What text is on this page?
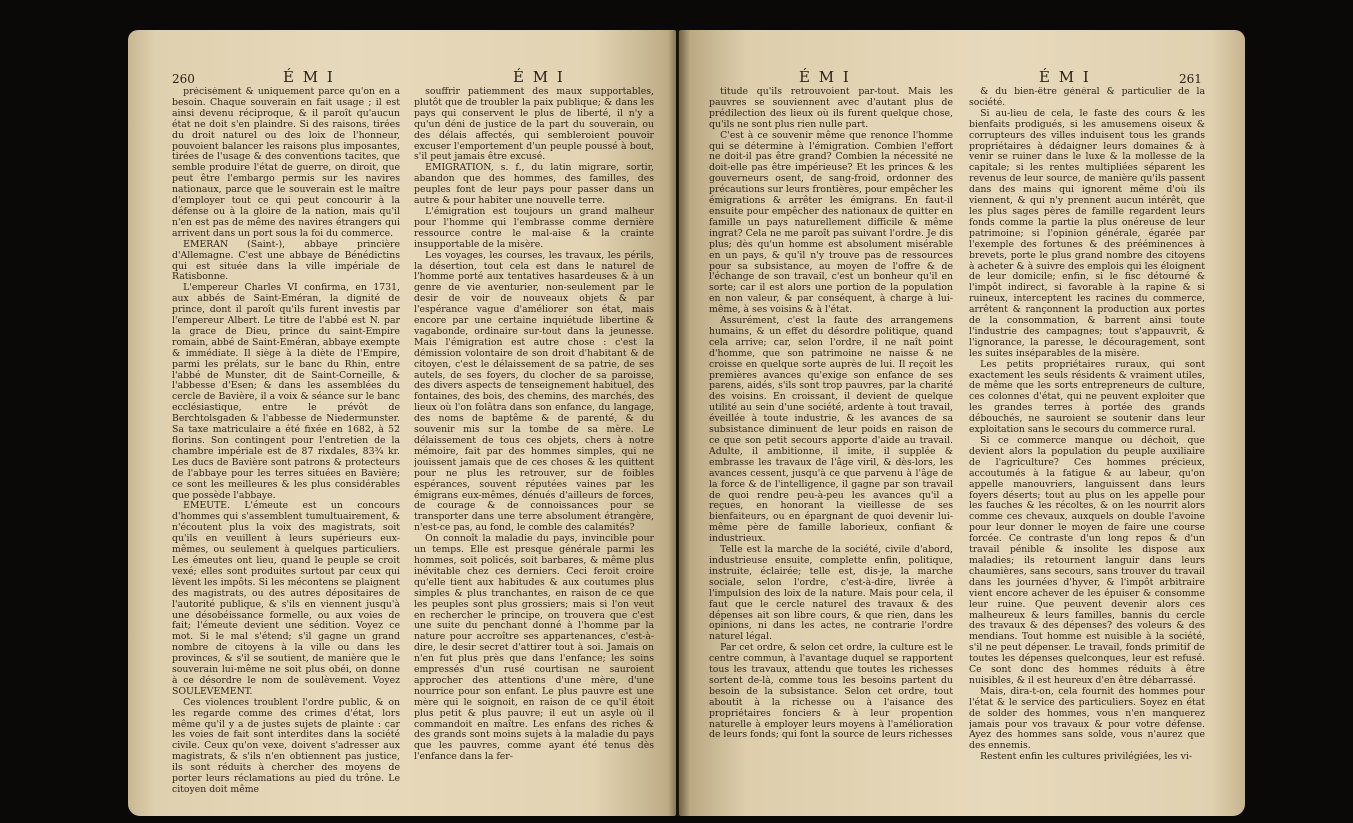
260	É M I	É M I

précisément & uniquement parce qu'on en a besoin. Chaque souverain en fait usage ; il est ainsi devenu réciproque, & il paroît qu'aucun état ne doit s'en plaindre. Si des raisons, tirées du droit naturel ou des loix de l'honneur, pouvoient balancer les raisons plus imposantes, tirées de l'usage & des conventions tacites, que semble produire l'état de guerre, on diroit, que peut être l'embargo permis sur les navires nationaux, parce que le souverain est le maître d'employer tout ce qui peut concourir à la défense ou à la gloire de la nation, mais qu'il n'en est pas de même des navires étrangers qui arrivent dans un port sous la foi du commerce.

EMERAN (Saint-), abbaye princière d'Allemagne. C'est une abbaye de Bénédictins qui est située dans la ville impériale de Ratisbonne.

L'empereur Charles VI confirma, en 1731, aux abbés de Saint-Eméran, la dignité de prince, dont il paroît qu'ils furent investis par l'empereur Albert. Le titre de l'abbé est N. par la grace de Dieu, prince du saint-Empire romain, abbé de Saint-Eméran, abbaye exempte & immédiate. Il siège à la diète de l'Empire, parmi les prélats, sur le banc du Rhin, entre l'abbé de Munster, dit de Saint-Corneille, & l'abbesse d'Esen; & dans les assemblées du cercle de Bavière, il a voix & séance sur le banc ecclésiastique, entre le prévôt de Berchtolsgaden & l'abbesse de Niedermunster. Sa taxe matriculaire a été fixée en 1682, à 52 florins. Son contingent pour l'entretien de la chambre impériale est de 87 rixdales, 83¾ kr. Les ducs de Bavière sont patrons & protecteurs de l'abbaye pour les terres situées en Bavière; ce sont les meilleures & les plus considérables que possède l'abbaye.

EMEUTE. L'émeute est un concours d'hommes qui s'assemblent tumultuairement, & n'écoutent plus la voix des magistrats, soit qu'ils en veuillent à leurs supérieurs eux-mêmes, ou seulement à quelques particuliers. Les émeutes ont lieu, quand le peuple se croit vexé; elles sont produites surtout par ceux qui lèvent les impôts. Si les mécontens se plaignent des magistrats, ou des autres dépositaires de l'autorité publique, & s'ils en viennent jusqu'à une désobéissance formelle, ou aux voies de fait; l'émeute devient une sédition. Voyez ce mot. Si le mal s'étend; s'il gagne un grand nombre de citoyens à la ville ou dans les provinces, & s'il se soutient, de manière que le souverain lui-même ne soit plus obéi, on donne à ce désordre le nom de soulèvement. Voyez SOULEVEMENT.

Ces violences troublent l'ordre public, & on les regarde comme des crimes d'état, lors même qu'il y a de justes sujets de plainte : car les voies de fait sont interdites dans la société civile. Ceux qu'on vexe, doivent s'adresser aux magistrats, & s'ils n'en obtiennent pas justice, ils sont réduits à chercher des moyens de porter leurs réclamations au pied du trône. Le citoyen doit même

souffrir patiemment des maux supportables, plutôt que de troubler la paix publique; & dans les pays qui conservent le plus de liberté, il n'y a qu'un déni de justice de la part du souverain, ou des délais affectés, qui sembleroient pouvoir excuser l'emportement d'un peuple poussé à bout, s'il peut jamais être excusé.

EMIGRATION, s. f., du latin migrare, sortir, abandon que des hommes, des familles, des peuples font de leur pays pour passer dans un autre & pour habiter une nouvelle terre.

L'émigration est toujours un grand malheur pour l'homme qui l'embrasse comme dernière ressource contre le mal-aise & la crainte insupportable de la misère.

Les voyages, les courses, les travaux, les périls, la désertion, tout cela est dans le naturel de l'homme porté aux tentatives hasardeuses & à un genre de vie aventurier, non-seulement par le desir de voir de nouveaux objets & par l'espérance vague d'améliorer son état, mais encore par une certaine inquiétude libertine & vagabonde, ordinaire sur-tout dans la jeunesse. Mais l'émigration est autre chose : c'est la démission volontaire de son droit d'habitant & de citoyen, c'est le délaissement de sa patrie, de ses autels, de ses foyers, du clocher de sa paroisse, des divers aspects de tenseignement habituel, des fontaines, des bois, des chemins, des marchés, des lieux où l'on folâtra dans son enfance, du langage, des noms de baptême & de parenté, & du souvenir mis sur la tombe de sa mère. Le délaissement de tous ces objets, chers à notre mémoire, fait par des hommes simples, qui ne jouissent jamais que de ces choses & les quittent pour ne plus les retrouver, sur de foibles espérances, souvent réputées vaines par les émigrans eux-mêmes, dénués d'ailleurs de forces, de courage & de connoissances pour se transporter dans une terre absolument étrangère, n'est-ce pas, au fond, le comble des calamités?

On connoît la maladie du pays, invincible pour un temps. Elle est presque générale parmi les hommes, soit policés, soit barbares, & même plus inévitable chez ces derniers. Ceci feroit croire qu'elle tient aux habitudes & aux coutumes plus simples & plus tranchantes, en raison de ce que les peuples sont plus grossiers; mais si l'on veut en rechercher le principe, on trouvera que c'est une suite du penchant donné à l'homme par la nature pour accroître ses appartenances, c'est-à-dire, le desir secret d'attirer tout à soi. Jamais on n'en fut plus près que dans l'enfance; les soins empressés d'un rusé courtisan ne sauroient approcher des attentions d'une mère, d'une nourrice pour son enfant. Le plus pauvre est une mère qui le soignoit, en raison de ce qu'il étoit plus petit & plus pauvre; il eut un asyle où il commandoit en maître. Les enfans des riches & des grands sont moins sujets à la maladie du pays que les pauvres, comme ayant été tenus dès l'enfance dans la fer-

É M I	É M I	261

titude qu'ils retrouvoient par-tout. Mais les pauvres se souviennent avec d'autant plus de prédilection des lieux où ils furent quelque chose, qu'ils ne sont plus rien nulle part.

C'est à ce souvenir même que renonce l'homme qui se détermine à l'émigration. Combien l'effort ne doit-il pas être grand? Combien la nécessité ne doit-elle pas être impérieuse? Et les princes & les gouverneurs osent, de sang-froid, ordonner des précautions sur leurs frontières, pour empêcher les émigrations & arrêter les émigrans. En faut-il ensuite pour empêcher des nationaux de quitter en famille un pays naturellement difficile & même ingrat? Cela ne me paroît pas suivant l'ordre. Je dis plus; dès qu'un homme est absolument misérable en un pays, & qu'il n'y trouve pas de ressources pour sa subsistance, au moyen de l'offre & de l'échange de son travail, c'est un bonheur qu'il en sorte; car il est alors une portion de la population en non valeur, & par conséquent, à charge à lui-même, à ses voisins & à l'état.

Assurément, c'est la faute des arrangemens humains, & un effet du désordre politique, quand cela arrive; car, selon l'ordre, il ne naît point d'homme, que son patrimoine ne naisse & ne croisse en quelque sorte auprès de lui. Il reçoit les premières avances qu'exige son enfance de ses parens, aidés, s'ils sont trop pauvres, par la charité des voisins. En croissant, il devient de quelque utilité au sein d'une société, ardente à tout travail, éveillée à toute industrie, & les avances de sa subsistance diminuent de leur poids en raison de ce que son petit secours apporte d'aide au travail. Adulte, il ambitionne, il imite, il supplée & embrasse les travaux de l'âge viril, & dès-lors, les avances cessent, jusqu'à ce que parvenu à l'âge de la force & de l'intelligence, il gagne par son travail de quoi rendre peu-à-peu les avances qu'il a reçues, en honorant la vieillesse de ses bienfaiteurs, ou en épargnant de quoi devenir lui-même père de famille laborieux, confiant & industrieux.

Telle est la marche de la société, civile d'abord, industrieuse ensuite, complette enfin, politique, instruite, éclairée; telle est, dis-je, la marche sociale, selon l'ordre, c'est-à-dire, livrée à l'impulsion des loix de la nature. Mais pour cela, il faut que le cercle naturel des travaux & des dépenses ait son libre cours, & que rien, dans les opinions, ni dans les actes, ne contrarie l'ordre naturel légal.

Par cet ordre, & selon cet ordre, la culture est le centre commun, à l'avantage duquel se rapportent tous les travaux, attendu que toutes les richesses sortent de-là, comme tous les besoins partent du besoin de la subsistance. Selon cet ordre, tout aboutit à la richesse ou à l'aisance des propriétaires fonciers & à leur propention naturelle à employer leurs moyens à l'amélioration de leurs fonds; qui font la source de leurs richesses

& du bien-être général & particulier de la société.

Si au-lieu de cela, le faste des cours & les bienfaits prodigués, si les amusemens oiseux & corrupteurs des villes induisent tous les grands propriétaires à dédaigner leurs domaines & à venir se ruiner dans le luxe & la mollesse de la capitale; si les rentes multipliées séparent les revenus de leur source, de manière qu'ils passent dans des mains qui ignorent même d'où ils viennent, & qui n'y prennent aucun intérêt, que les plus sages pères de famille regardent leurs fonds comme la partie la plus onéreuse de leur patrimoine; si l'opinion générale, égarée par l'exemple des fortunes & des prééminences à brevets, porte le plus grand nombre des citoyens à acheter & à suivre des emplois qui les éloignent de leur domicile; enfin, si le fisc détourné & l'impôt indirect, si favorable à la rapine & si ruineux, interceptent les racines du commerce, arrêtent & rançonnent la production aux portes de la consommation, & barrent ainsi toute l'industrie des campagnes; tout s'appauvrit, & l'ignorance, la paresse, le découragement, sont les suites inséparables de la misère.

Les petits propriétaires ruraux, qui sont exactement les seuls résidents & vraiment utiles, de même que les sorts entrepreneurs de culture, ces colonnes d'état, qui ne peuvent exploiter que les grandes terres à portée des grands débouchés, ne sauroient se soutenir dans leur exploitation sans le secours du commerce rural.

Si ce commerce manque ou déchoit, que devient alors la population du peuple auxiliaire de l'agriculture? Ces hommes précieux, accoutumés à la fatigue & au labeur, qu'on appelle manouvriers, languissent dans leurs foyers déserts; tout au plus on les appelle pour les fauches & les récoltes, & on les nourrit alors comme ces chevaux, auxquels on double l'avoine pour leur donner le moyen de faire une course forcée. Ce contraste d'un long repos & d'un travail pénible & insolite les dispose aux maladies; ils retournent languir dans leurs chaumières, sans secours, sans trouver du travail dans les journées d'hyver, & l'impôt arbitraire vient encore achever de les épuiser & consomme leur ruine. Que peuvent devenir alors ces malheureux & leurs familles, bannis du cercle des travaux & des dépenses? des voleurs & des mendians. Tout homme est nuisible à la société, s'il ne peut dépenser. Le travail, fonds primitif de toutes les dépenses quelconques, leur est refusé. Ce sont donc des hommes réduits à être nuisibles, & il est heureux d'en être débarrassé.

Mais, dira-t-on, cela fournit des hommes pour l'état & le service des particuliers. Soyez en état de solder des hommes, vous n'en manquerez jamais pour vos travaux & pour votre défense. Ayez des hommes sans solde, vous n'aurez que des ennemis.

Restent enfin les cultures privilégiées, les vi-
